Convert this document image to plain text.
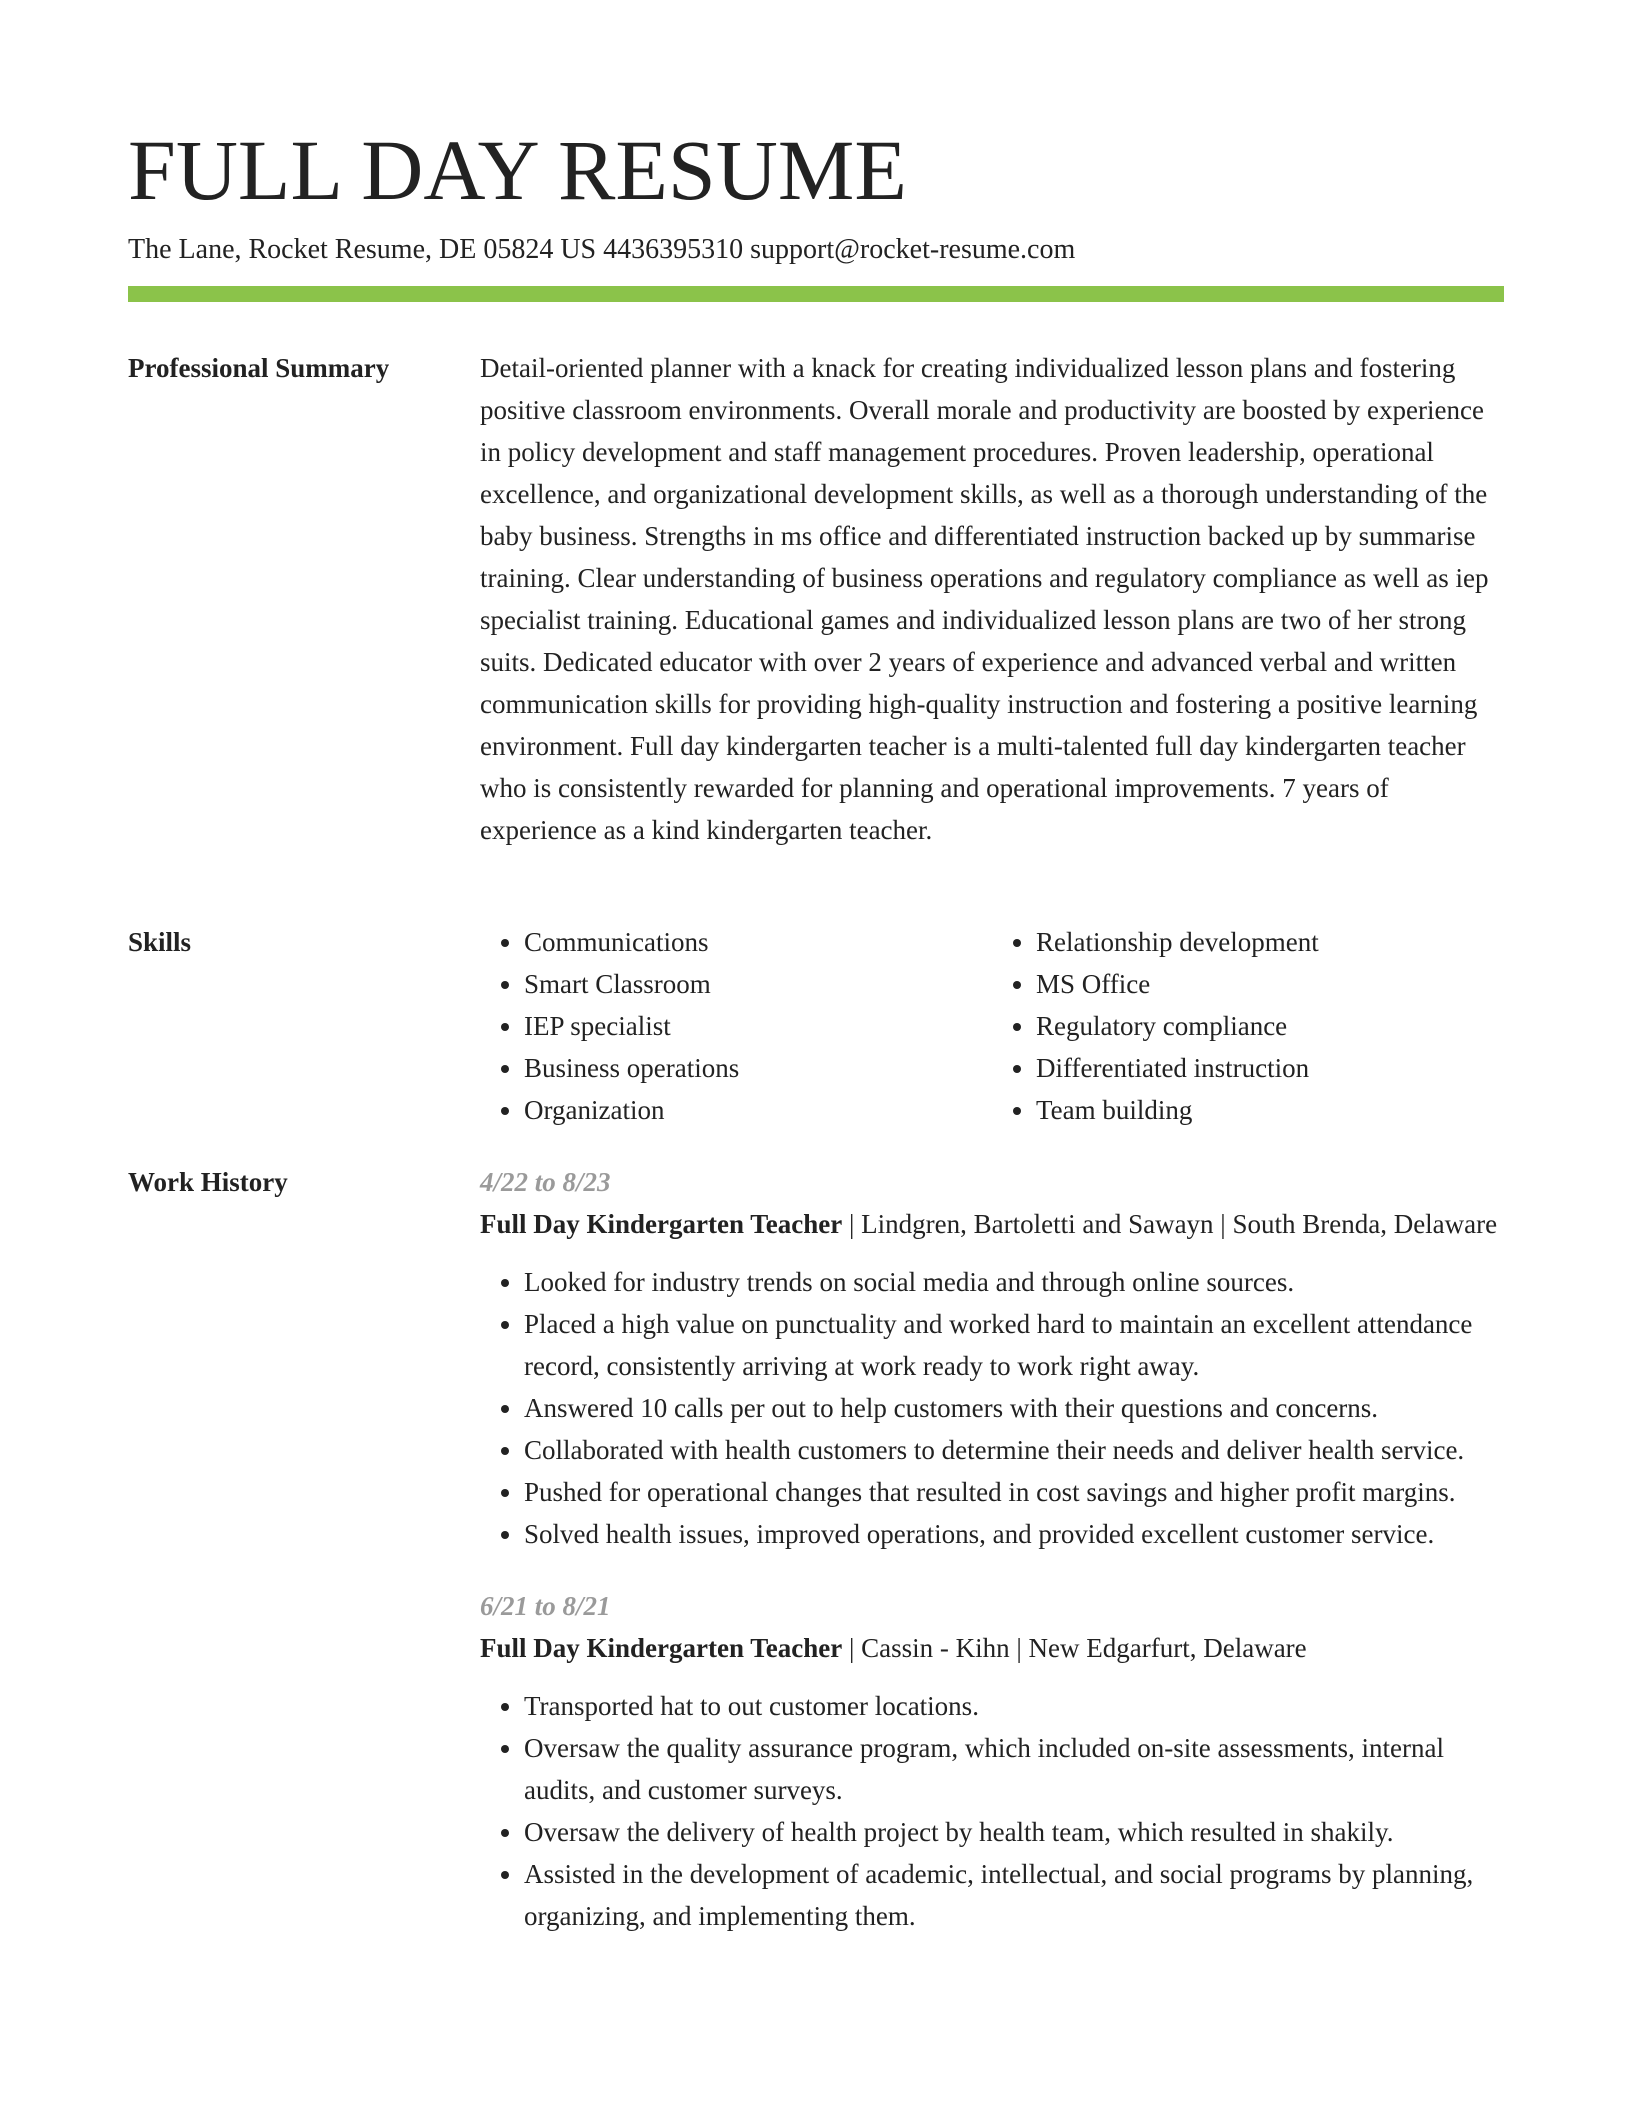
FULL DAY RESUME
The Lane, Rocket Resume, DE 05824 US 4436395310 support@rocket-resume.com
Professional Summary	Detail-oriented planner with a knack for creating individualized lesson plans and fostering positive classroom environments. Overall morale and productivity are boosted by experience in policy development and staff management procedures. Proven leadership, operational excellence, and organizational development skills, as well as a thorough understanding of the baby business. Strengths in ms office and differentiated instruction backed up by summarise training. Clear understanding of business operations and regulatory compliance as well as iep specialist training. Educational games and individualized lesson plans are two of her strong suits. Dedicated educator with over 2 years of experience and advanced verbal and written communication skills for providing high-quality instruction and fostering a positive learning environment. Full day kindergarten teacher is a multi-talented full day kindergarten teacher who is consistently rewarded for planning and operational improvements. 7 years of experience as a kind kindergarten teacher.

Skills
•	Communications
• Smart Classroom
• IEP specialist
• Business operations
• Organization
• Relationship development
• MS Office
• Regulatory compliance
• Differentiated instruction
• Team building
Work History	4/22 to 8/23

Full Day Kindergarten Teacher | Lindgren, Bartoletti and Sawayn | South Brenda, Delaware

• Looked for industry trends on social media and through online sources.
• Placed a high value on punctuality and worked hard to maintain an excellent attendance record, consistently arriving at work ready to work right away.
• Answered 10 calls per out to help customers with their questions and concerns.
• Collaborated with health customers to determine their needs and deliver health service.
• Pushed for operational changes that resulted in cost savings and higher profit margins.
• Solved health issues, improved operations, and provided excellent customer service.
6/21 to 8/21

Full Day Kindergarten Teacher | Cassin - Kihn | New Edgarfurt, Delaware

• Transported hat to out customer locations.
• Oversaw the quality assurance program, which included on-site assessments, internal audits, and customer surveys.
• Oversaw the delivery of health project by health team, which resulted in shakily.
• Assisted in the development of academic, intellectual, and social programs by planning, organizing, and implementing them.
